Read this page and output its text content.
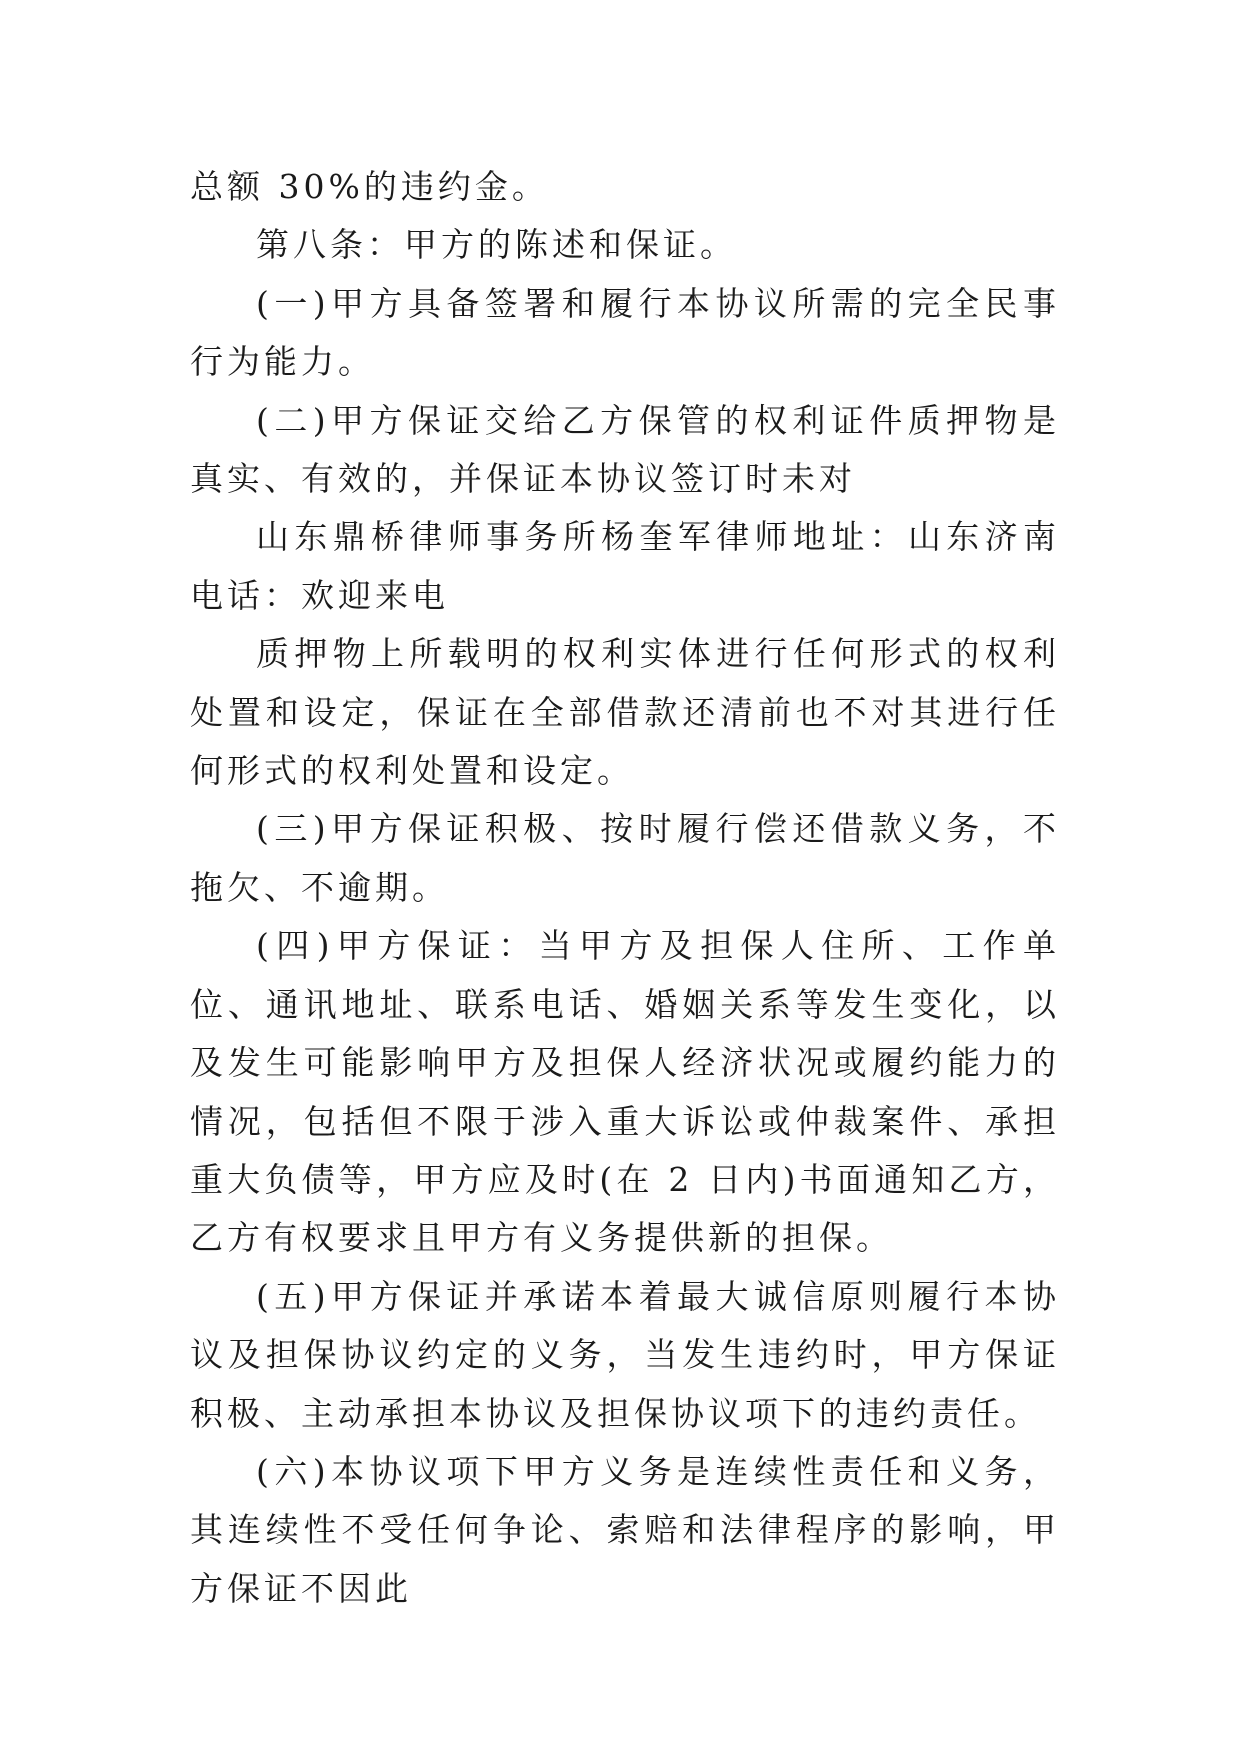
总额 30%的违约金。

第八条：甲方的陈述和保证。

(一)甲方具备签署和履行本协议所需的完全民事行为能力。

(二)甲方保证交给乙方保管的权利证件质押物是真实、有效的，并保证本协议签订时未对

山东鼎桥律师事务所杨奎军律师地址：山东济南电话：欢迎来电

质押物上所载明的权利实体进行任何形式的权利处置和设定，保证在全部借款还清前也不对其进行任何形式的权利处置和设定。

(三)甲方保证积极、按时履行偿还借款义务，不拖欠、不逾期。

(四)甲方保证：当甲方及担保人住所、工作单位、通讯地址、联系电话、婚姻关系等发生变化，以及发生可能影响甲方及担保人经济状况或履约能力的情况，包括但不限于涉入重大诉讼或仲裁案件、承担重大负债等，甲方应及时(在 2 日内)书面通知乙方，乙方有权要求且甲方有义务提供新的担保。

(五)甲方保证并承诺本着最大诚信原则履行本协议及担保协议约定的义务，当发生违约时，甲方保证积极、主动承担本协议及担保协议项下的违约责任。

(六)本协议项下甲方义务是连续性责任和义务，其连续性不受任何争论、索赔和法律程序的影响，甲方保证不因此
